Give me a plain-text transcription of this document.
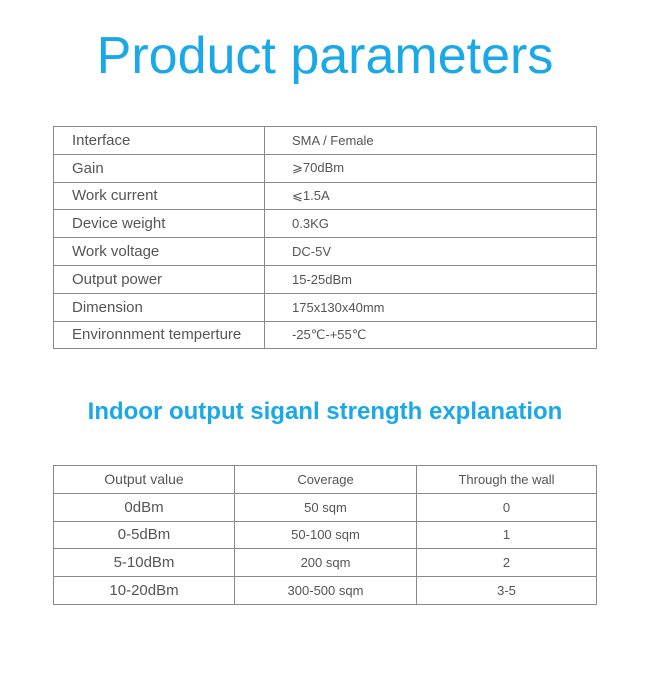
Product parameters
Interface	SMA / Female
Gain	⩾70dBm
Work current	⩽1.5A
Device weight	0.3KG
Work voltage	DC-5V
Output power	15-25dBm
Dimension	175x130x40mm
Environnment temperture	-25℃-+55℃
Indoor output siganl strength explanation
Output value	Coverage	Through the wall
0dBm	50 sqm	0
0-5dBm	50-100 sqm	1
5-10dBm	200 sqm	2
10-20dBm	300-500 sqm	3-5
